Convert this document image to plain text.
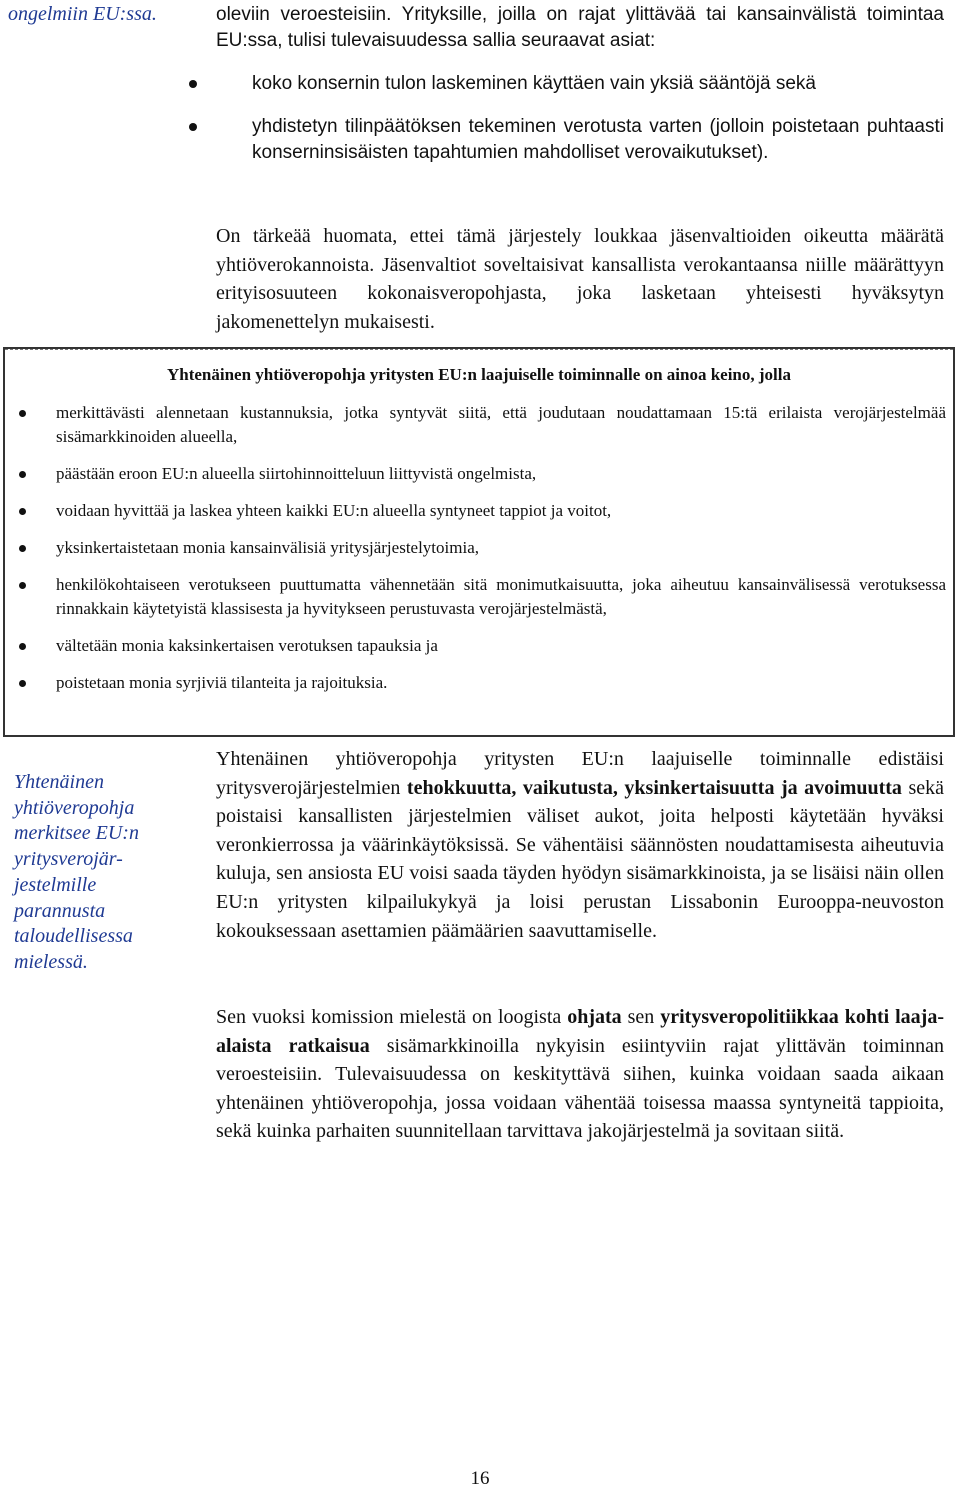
ongelmiin EU:ssa.
Yhtenäinen yhtiöveropohja merkitsee EU:n yritysverojär-jestelmille parannusta taloudellisessa mielessä.

oleviin veroesteisiin. Yrityksille, joilla on rajat ylittävää tai kansainvälistä toimintaa EU:ssa, tulisi tulevaisuudessa sallia seuraavat asiat:

koko konsernin tulon laskeminen käyttäen vain yksiä sääntöjä sekä
yhdistetyn tilinpäätöksen tekeminen verotusta varten (jolloin poistetaan puhtaasti konserninsisäisten tapahtumien mahdolliset verovaikutukset).
On tärkeää huomata, ettei tämä järjestely loukkaa jäsenvaltioiden oikeutta määrätä yhtiöverokannoista. Jäsenvaltiot soveltaisivat kansallista verokantaansa niille määrättyyn erityisosuuteen kokonaisveropohjasta, joka lasketaan yhteisesti hyväksytyn jakomenettelyn mukaisesti.
Yhtenäinen yhtiöveropohja yritysten EU:n laajuiselle toiminnalle on ainoa keino, jolla
merkittävästi alennetaan kustannuksia, jotka syntyvät siitä, että joudutaan noudattamaan 15:tä erilaista verojärjestelmää sisämarkkinoiden alueella,
päästään eroon EU:n alueella siirtohinnoitteluun liittyvistä ongelmista,
voidaan hyvittää ja laskea yhteen kaikki EU:n alueella syntyneet tappiot ja voitot,
yksinkertaistetaan monia kansainvälisiä yritysjärjestelytoimia,
henkilökohtaiseen verotukseen puuttumatta vähennetään sitä monimutkaisuutta, joka aiheutuu kansainvälisessä verotuksessa rinnakkain käytetyistä klassisesta ja hyvitykseen perustuvasta verojärjestelmästä,
vältetään monia kaksinkertaisen verotuksen tapauksia ja
poistetaan monia syrjiviä tilanteita ja rajoituksia.
Yhtenäinen yhtiöveropohja yritysten EU:n laajuiselle toiminnalle edistäisi yritysverojärjestelmien tehokkuutta, vaikutusta, yksinkertaisuutta ja avoimuutta sekä poistaisi kansallisten järjestelmien väliset aukot, joita helposti käytetään hyväksi veronkierrossa ja väärinkäytöksissä. Se vähentäisi säännösten noudattamisesta aiheutuvia kuluja, sen ansiosta EU voisi saada täyden hyödyn sisämarkkinoista, ja se lisäisi näin ollen EU:n yritysten kilpailukykyä ja loisi perustan Lissabonin Eurooppa-neuvoston kokouksessaan asettamien päämäärien saavuttamiselle.
Sen vuoksi komission mielestä on loogista ohjata sen yritysveropolitiikkaa kohti laaja-alaista ratkaisua sisämarkkinoilla nykyisin esiintyviin rajat ylittävän toiminnan veroesteisiin. Tulevaisuudessa on keskityttävä siihen, kuinka voidaan saada aikaan yhtenäinen yhtiöveropohja, jossa voidaan vähentää toisessa maassa syntyneitä tappioita, sekä kuinka parhaiten suunnitellaan tarvittava jakojärjestelmä ja sovitaan siitä.
16
